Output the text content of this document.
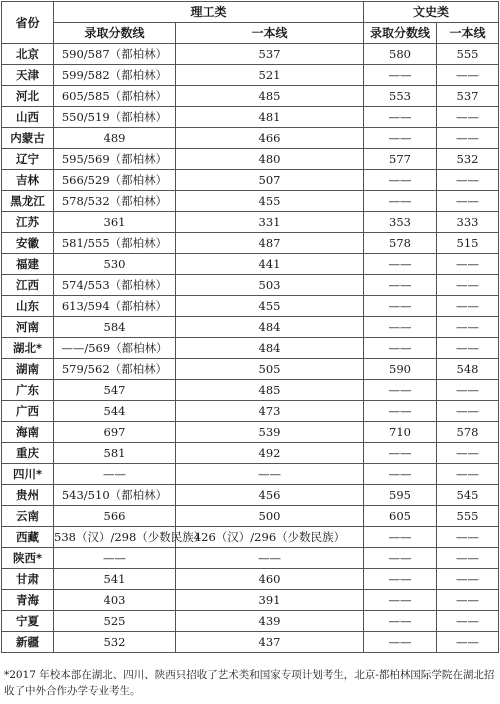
省份	理工类		文史类	
	录取分数线	一本线	录取分数线	一本线
北京	590/587（都柏林）	537	580	555
天津	599/582（都柏林）	521	——	——
河北	605/585（都柏林）	485	553	537
山西	550/519（都柏林）	481	——	——
内蒙古	489	466	——	——
辽宁	595/569（都柏林）	480	577	532
吉林	566/529（都柏林）	507	——	——
黑龙江	578/532（都柏林）	455	——	——
江苏	361	331	353	333
安徽	581/555（都柏林）	487	578	515
福建	530	441	——	——
江西	574/553（都柏林）	503	——	——
山东	613/594（都柏林）	455	——	——
河南	584	484	——	——
湖北*	——/569（都柏林）	484	——	——
湖南	579/562（都柏林）	505	590	548
广东	547	485	——	——
广西	544	473	——	——
海南	697	539	710	578
重庆	581	492	——	——
四川*	——	——	——	——
贵州	543/510（都柏林）	456	595	545
云南	566	500	605	555
西藏	538（汉）/298（少数民族）	426（汉）/296（少数民族）	——	——
陕西*	——	——	——	——
甘肃	541	460	——	——
青海	403	391	——	——
宁夏	525	439	——	——
新疆	532	437	——	——
*2017 年校本部在湖北、四川、陕西只招收了艺术类和国家专项计划考生，北京-都柏林国际学院在湖北招收了中外合作办学专业考生。
